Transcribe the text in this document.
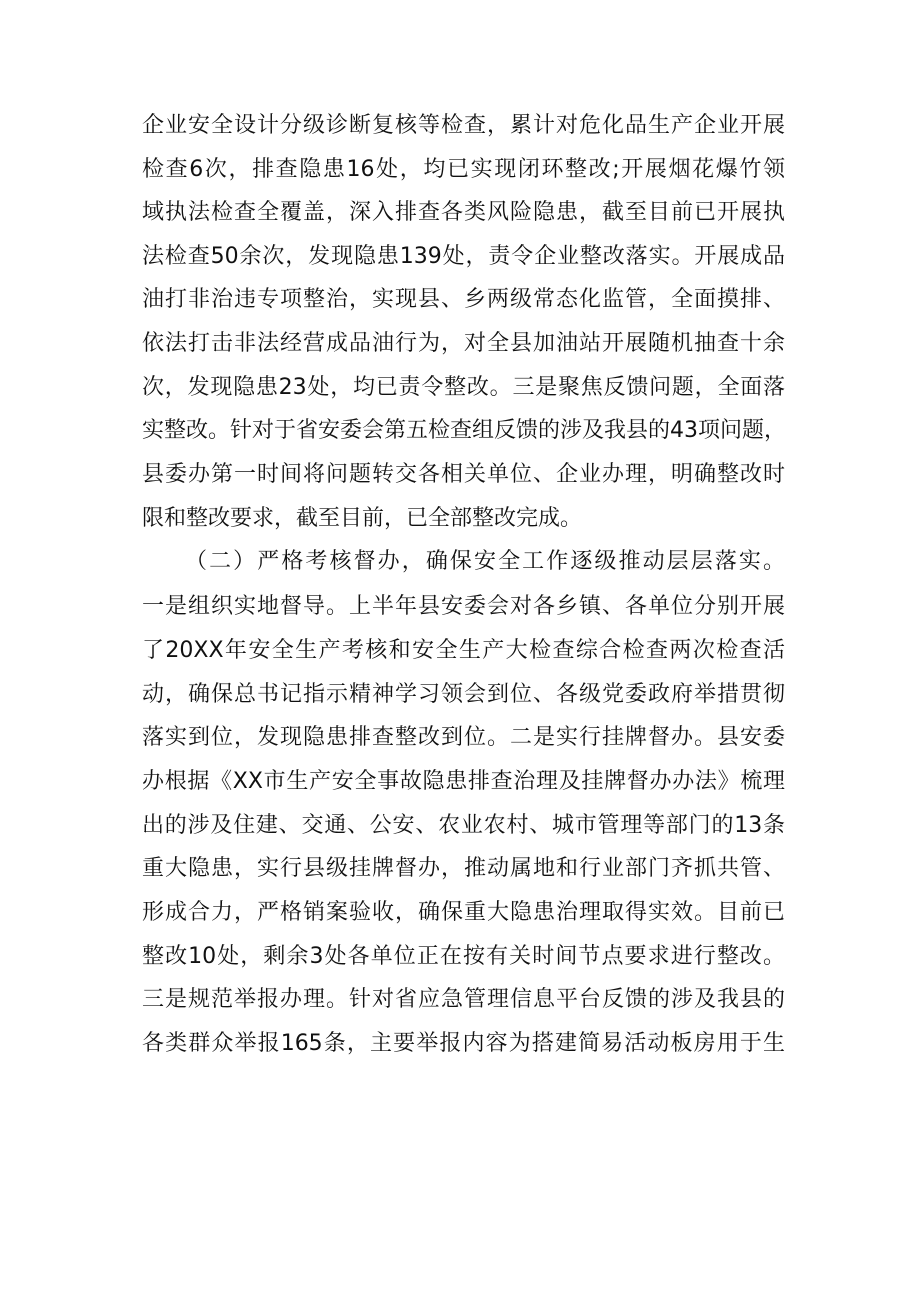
企业安全设计分级诊断复核等检查，累计对危化品生产企业开展
检查6次，排查隐患16处，均已实现闭环整改;开展烟花爆竹领
域执法检查全覆盖，深入排查各类风险隐患，截至目前已开展执
法检查50余次，发现隐患139处，责令企业整改落实。开展成品
油打非治违专项整治，实现县、乡两级常态化监管，全面摸排、
依法打击非法经营成品油行为，对全县加油站开展随机抽查十余
次，发现隐患23处，均已责令整改。三是聚焦反馈问题，全面落
实整改。针对于省安委会第五检查组反馈的涉及我县的43项问题，
县委办第一时间将问题转交各相关单位、企业办理，明确整改时
限和整改要求，截至目前，已全部整改完成。
（二）严格考核督办，确保安全工作逐级推动层层落实。
一是组织实地督导。上半年县安委会对各乡镇、各单位分别开展
了20XX年安全生产考核和安全生产大检查综合检查两次检查活
动，确保总书记指示精神学习领会到位、各级党委政府举措贯彻
落实到位，发现隐患排查整改到位。二是实行挂牌督办。县安委
办根据《XX市生产安全事故隐患排查治理及挂牌督办办法》梳理
出的涉及住建、交通、公安、农业农村、城市管理等部门的13条
重大隐患，实行县级挂牌督办，推动属地和行业部门齐抓共管、
形成合力，严格销案验收，确保重大隐患治理取得实效。目前已
整改10处，剩余3处各单位正在按有关时间节点要求进行整改。
三是规范举报办理。针对省应急管理信息平台反馈的涉及我县的
各类群众举报165条，主要举报内容为搭建简易活动板房用于生
